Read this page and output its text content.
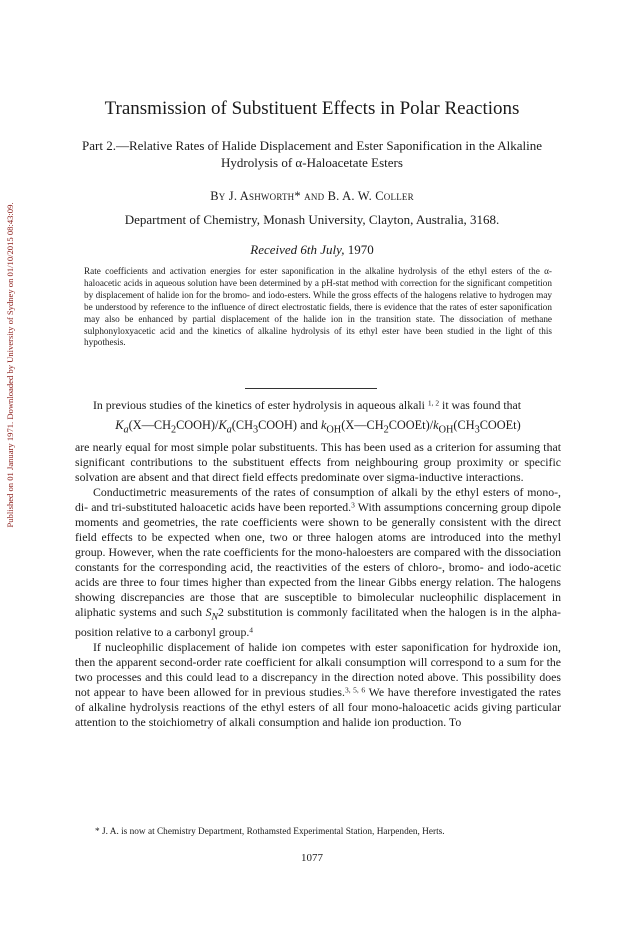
Published on 01 January 1971. Downloaded by University of Sydney on 01/10/2015 08:43:09.
Transmission of Substituent Effects in Polar Reactions
Part 2.—Relative Rates of Halide Displacement and Ester Saponification in the Alkaline Hydrolysis of α-Haloacetate Esters
By J. Ashworth* and B. A. W. Coller
Department of Chemistry, Monash University, Clayton, Australia, 3168.
Received 6th July, 1970

Rate coefficients and activation energies for ester saponification in the alkaline hydrolysis of the ethyl esters of the α-haloacetic acids in aqueous solution have been determined by a pH-stat method with correction for the significant competition by displacement of halide ion for the bromo- and iodo-esters. While the gross effects of the halogens relative to hydrogen may be understood by reference to the influence of direct electrostatic fields, there is evidence that the rates of ester saponification may also be enhanced by partial displacement of the halide ion in the transition state. The dissociation of methane sulphonyloxyacetic acid and the kinetics of alkaline hydrolysis of its ethyl ester have been studied in the light of this hypothesis.

In previous studies of the kinetics of ester hydrolysis in aqueous alkali $^{1, 2}$ it was found that

$K_a(X—CH_2COOH)/K_a(CH_3COOH)$ and $k_{OH}(X—CH_2COOEt)/k_{OH}(CH_3COOEt)$

are nearly equal for most simple polar substituents. This has been used as a criterion for assuming that significant contributions to the substituent effects from neighbouring group proximity or specific solvation are absent and that direct field effects predominate over sigma-inductive interactions.

Conductimetric measurements of the rates of consumption of alkali by the ethyl esters of mono-, di- and tri-substituted haloacetic acids have been reported.$^3$ With assumptions concerning group dipole moments and geometries, the rate coefficients were shown to be generally consistent with the direct field effects to be expected when one, two or three halogen atoms are introduced into the methyl group. However, when the rate coefficients for the mono-haloesters are compared with the dissociation constants for the corresponding acid, the reactivities of the esters of chloro-, bromo- and iodo-acetic acids are three to four times higher than expected from the linear Gibbs energy relation. The halogens showing discrepancies are those that are susceptible to bimolecular nucleophilic displacement in aliphatic systems and such $S_N2$ substitution is commonly facilitated when the halogen is in the alpha-position relative to a carbonyl group.$^4$

If nucleophilic displacement of halide ion competes with ester saponification for hydroxide ion, then the apparent second-order rate coefficient for alkali consumption will correspond to a sum for the two processes and this could lead to a discrepancy in the direction noted above. This possibility does not appear to have been allowed for in previous studies.$^{3, 5, 6}$ We have therefore investigated the rates of alkaline hydrolysis reactions of the ethyl esters of all four mono-haloacetic acids giving particular attention to the stoichiometry of alkali consumption and halide ion production. To

* J. A. is now at Chemistry Department, Rothamsted Experimental Station, Harpenden, Herts.
1077
